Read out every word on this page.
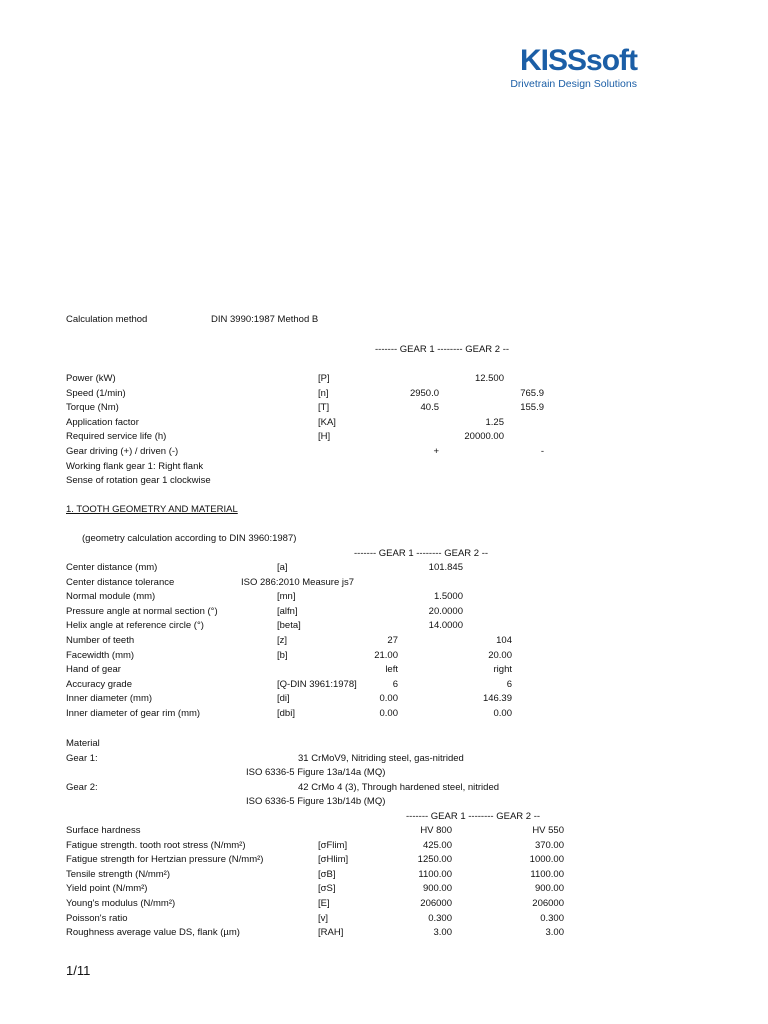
KISSsoft
Drivetrain Design Solutions
Calculation method	DIN 3990:1987 Method B
------- GEAR 1 -------- GEAR 2 --
Power (kW)	[P]	12.500
Speed (1/min)	[n]	2950.0	765.9
Torque (Nm)	[T]	40.5	155.9
Application factor	[KA]	1.25
Required service life (h)	[H]	20000.00
Gear driving (+) / driven (-)	+	-
Working flank gear 1: Right flank
Sense of rotation gear 1 clockwise
1. TOOTH GEOMETRY AND MATERIAL
(geometry calculation according to DIN 3960:1987)
------- GEAR 1 -------- GEAR 2 --
Center distance (mm)	[a]	101.845
Center distance tolerance	ISO 286:2010 Measure js7
Normal module (mm)	[mn]	1.5000
Pressure angle at normal section (°)	[alfn]	20.0000
Helix angle at reference circle (°)	[beta]	14.0000
Number of teeth	[z]	27	104
Facewidth (mm)	[b]	21.00	20.00
Hand of gear	left	right
Accuracy grade	[Q-DIN 3961:1978]	6	6
Inner diameter (mm)	[di]	0.00	146.39
Inner diameter of gear rim (mm)	[dbi]	0.00	0.00
Material
Gear 1:	31 CrMoV9, Nitriding steel, gas-nitrided
ISO 6336-5 Figure 13a/14a (MQ)
Gear 2:	42 CrMo 4 (3), Through hardened steel, nitrided
ISO 6336-5 Figure 13b/14b (MQ)
------- GEAR 1 -------- GEAR 2 --
Surface hardness	HV 800	HV 550
Fatigue strength. tooth root stress (N/mm²)	[σFlim]	425.00	370.00
Fatigue strength for Hertzian pressure (N/mm²)	[σHlim]	1250.00	1000.00
Tensile strength (N/mm²)	[σB]	1100.00	1100.00
Yield point (N/mm²)	[σS]	900.00	900.00
Young's modulus (N/mm²)	[E]	206000	206000
Poisson's ratio	[v]	0.300	0.300
Roughness average value DS, flank (µm)	[RAH]	3.00	3.00
1/11
